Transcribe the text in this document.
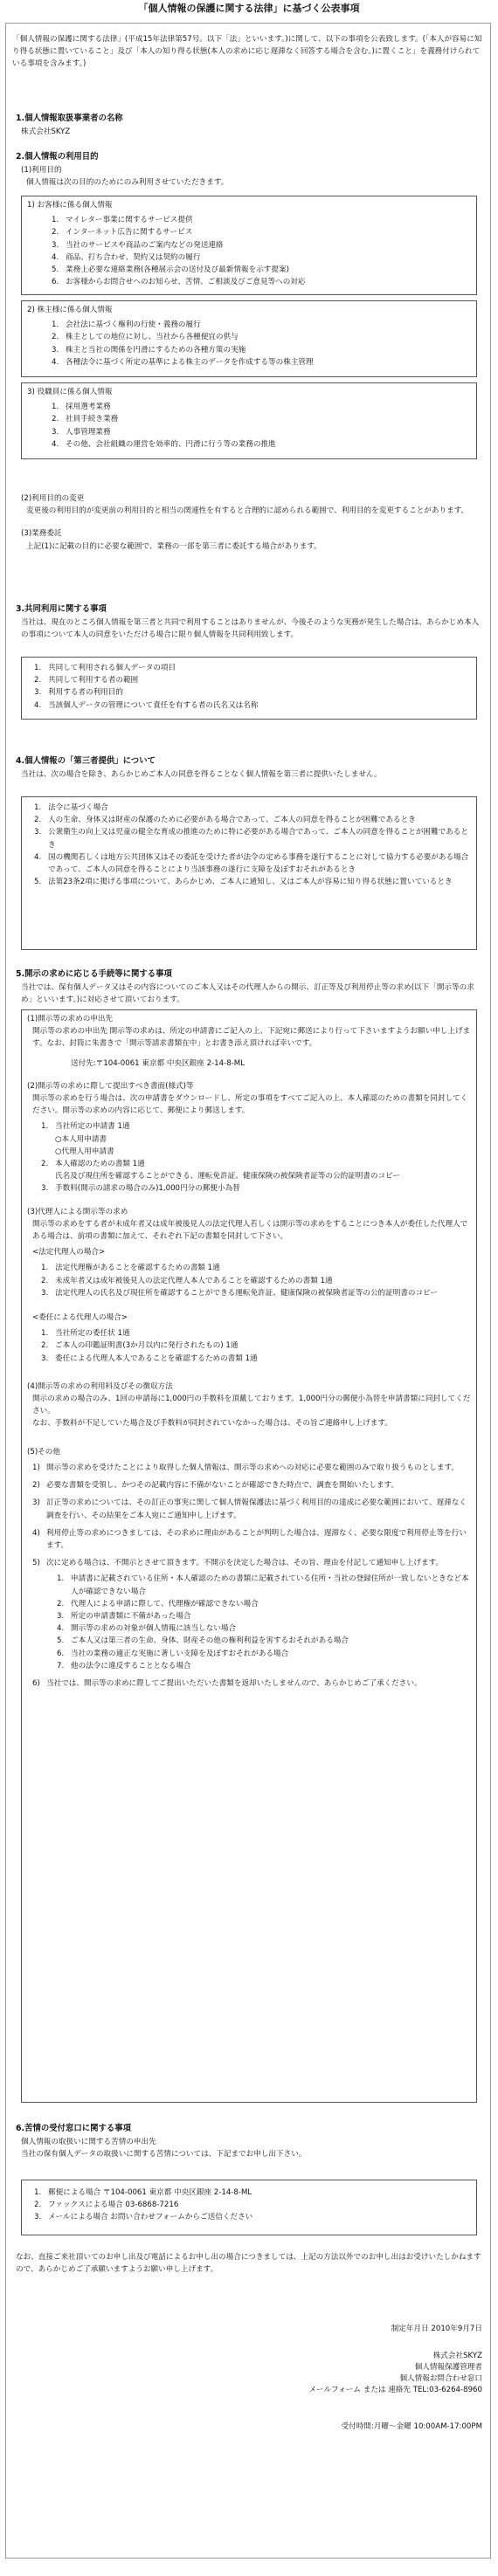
「個人情報の保護に関する法律」に基づく公表事項

「個人情報の保護に関する法律」(平成15年法律第57号。以下「法」といいます。)に関して、以下の事項を公表致します。(「本人が容易に知り得る状態に置いていること」及び「本人の知り得る状態(本人の求めに応じ遅滞なく回答する場合を含む。)に置くこと」を義務付けられている事項を含みます。)

1.個人情報取扱事業者の名称
株式会社SKYZ
2.個人情報の利用目的
(1)利用目的
個人情報は次の目的のためにのみ利用させていただきます。
1) お客様に係る個人情報
1. マイレター事業に関するサービス提供
2. インターネット広告に関するサービス
3. 当社のサービスや商品のご案内などの発送連絡
4. 商品、打ち合わせ、契約又は契約の履行
5. 業務上必要な連絡業務(各種展示会の送付及び最新情報を示す提案)
6. お客様からお問合せへのお知らせ、苦情、ご相談及びご意見等への対応
2) 株主様に係る個人情報
1. 会社法に基づく権利の行使・義務の履行
2. 株主としての地位に対し、当社から各種便宜の供与
3. 株主と当社の関係を円滑にするための各種方策の実施
4. 各種法令に基づく所定の基準による株主のデータを作成する等の株主管理
3) 役職員に係る個人情報
1. 採用選考業務
2. 社員手続き業務
3. 人事管理業務
4. その他、会社組織の運営を効率的、円滑に行う等の業務の推進
(2)利用目的の変更
変更後の利用目的が変更前の利用目的と相当の関連性を有すると合理的に認められる範囲で、利用目的を変更することがあります。
(3)業務委託
上記(1)に記載の目的に必要な範囲で、業務の一部を第三者に委託する場合があります。
3.共同利用に関する事項
当社は、現在のところ個人情報を第三者と共同で利用することはありませんが、今後そのような実務が発生した場合は、あらかじめ本人の事項について本人の同意をいただける場合に限り個人情報を共同利用致します。
1. 共同して利用される個人データの項目
2. 共同して利用する者の範囲
3. 利用する者の利用目的
4. 当該個人データの管理について責任を有する者の氏名又は名称
4.個人情報の「第三者提供」について
当社は、次の場合を除き、あらかじめご本人の同意を得ることなく個人情報を第三者に提供いたしません。
1. 法令に基づく場合
2. 人の生命、身体又は財産の保護のために必要がある場合であって、ご本人の同意を得ることが困難であるとき
3. 公衆衛生の向上又は児童の健全な育成の推進のために特に必要がある場合であって、ご本人の同意を得ることが困難であるとき
4. 国の機関若しくは地方公共団体又はその委託を受けた者が法令の定める事務を遂行することに対して協力する必要がある場合であって、ご本人の同意を得ることにより当該事務の遂行に支障を及ぼすおそれがあるとき
5. 法第23条2項に掲げる事項について、あらかじめ、ご本人に通知し、又はご本人が容易に知り得る状態に置いているとき
5.開示の求めに応じる手続等に関する事項
当社では、保有個人データ又はその内容についてのご本人又はその代理人からの開示、訂正等及び利用停止等の求め(以下「開示等の求め」といいます。)に対応させて頂いております。
(1)開示等の求めの申出先
開示等の求めの申出先 開示等の求めは、所定の申請書にご記入の上、下記宛に郵送により行って下さいますようお願い申し上げます。なお、封筒に朱書きで「開示等請求書類在中」とお書き添え頂ければ幸いです。
送付先:〒104-0061 東京都 中央区銀座 2-14-8-ML
(2)開示等の求めに際して提出すべき書面(様式)等
開示等の求めを行う場合は、次の申請書をダウンロードし、所定の事項をすべてご記入の上、本人確認のための書類を同封してください。開示等の求めの内容に応じて、郵便により郵送します。
1. 当社所定の申請書 1通
○本人用申請書
○代理人用申請書
2. 本人確認のための書類 1通
氏名及び現住所を確認することができる、運転免許証、健康保険の被保険者証等の公的証明書のコピー
3. 手数料(開示の請求の場合のみ)1,000円分の郵便小為替
(3)代理人による開示等の求め
開示等の求めをする者が未成年者又は成年被後見人の法定代理人若しくは開示等の求めをすることにつき本人が委任した代理人である場合は、前項の書類に加えて、それぞれ下記の書類を同封して下さい。
<法定代理人の場合>
1. 法定代理権があることを確認するための書類 1通
2. 未成年者又は成年被後見人の法定代理人本人であることを確認するための書類 1通
3. 法定代理人の氏名及び現住所を確認することができる運転免許証、健康保険の被保険者証等の公的証明書のコピー
<委任による代理人の場合>
1. 当社所定の委任状 1通
2. ご本人の印鑑証明書(3か月以内に発行されたもの) 1通
3. 委任による代理人本人であることを確認するための書類 1通
(4)開示等の求めの利用料及びその徴収方法
開示の求めの場合のみ、1回の申請毎に1,000円の手数料を頂戴しております。1,000円分の郵便小為替を申請書類に同封してください。
なお、手数料が不足していた場合及び手数料が同封されていなかった場合は、その旨ご連絡申し上げます。
(5)その他
1) 開示等の求めを受けたことにより取得した個人情報は、開示等の求めへの対応に必要な範囲のみで取り扱うものとします。
2) 必要な書類を受領し、かつその記載内容に不備がないことが確認できた時点で、調査を開始いたします。
3) 訂正等の求めについては、その訂正の事実に関して個人情報保護法に基づく利用目的の達成に必要な範囲において、遅滞なく調査を行い、その結果をご本人宛にご通知申し上げます。
4) 利用停止等の求めにつきましては、その求めに理由があることが判明した場合は、遅滞なく、必要な限度で利用停止等を行います。
5) 次に定める場合は、不開示とさせて頂きます。不開示を決定した場合は、その旨、理由を付記して通知申し上げます。
1. 申請書に記載されている住所・本人確認のための書類に記載されている住所・当社の登録住所が一致しないときなど本人が確認できない場合
2. 代理人による申請に際して、代理権が確認できない場合
3. 所定の申請書類に不備があった場合
4. 開示等の求めの対象が個人情報に該当しない場合
5. ご本人又は第三者の生命、身体、財産その他の権利利益を害するおそれがある場合
6. 当社の業務の適正な実施に著しい支障を及ぼすおそれがある場合
7. 他の法令に違反することとなる場合
6) 当社では、開示等の求めに際してご提出いただいた書類を返却いたしませんので、あらかじめご了承ください。
6.苦情の受付窓口に関する事項
個人情報の取扱いに関する苦情の申出先
当社の保有個人データの取扱いに関する苦情については、下記までお申し出下さい。
1. 郵便による場合 〒104-0061 東京都 中央区銀座 2-14-8-ML
2. ファックスによる場合 03-6868-7216
3. メールによる場合 お問い合わせフォームからご送信ください
なお、直接ご来社頂いてのお申し出及び電話によるお申し出の場合につきましては、上記の方法以外でのお申し出はお受けいたしかねますので、あらかじめご了承願いますようお願い申し上げます。
制定年月日 2010年9月7日
株式会社SKYZ
個人情報保護管理者
個人情報お問合わせ窓口
メールフォーム または 連絡先 TEL:03-6264-8960
受付時間:月曜～金曜 10:00AM-17:00PM
